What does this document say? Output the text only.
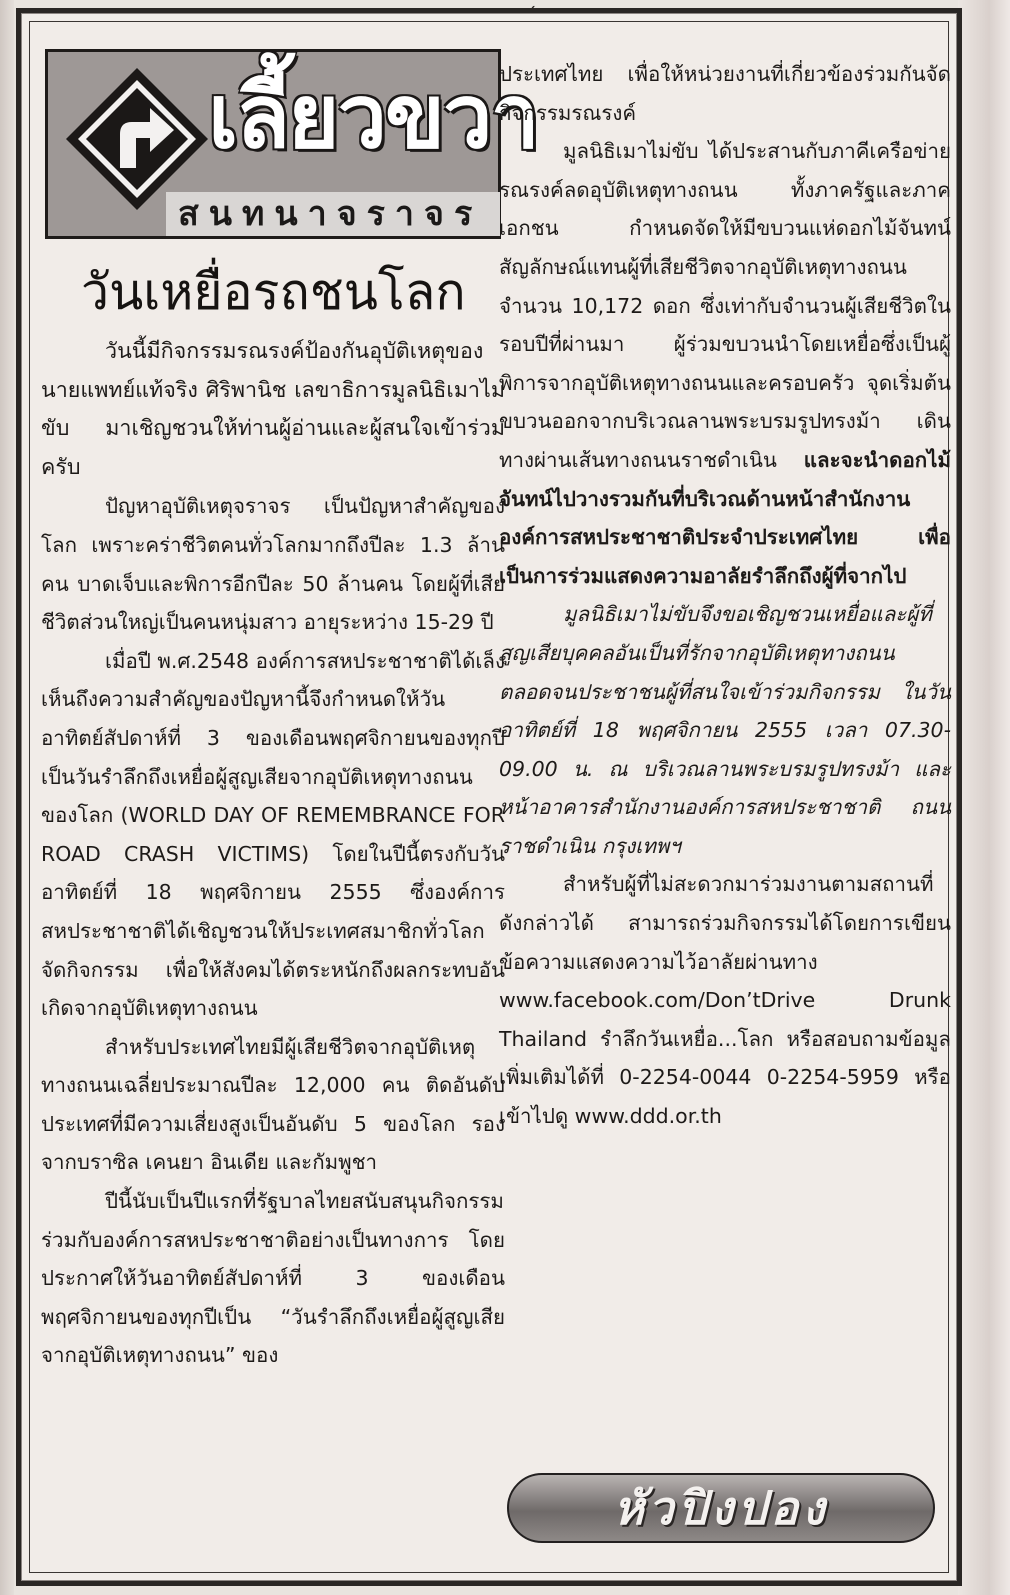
เลี้ยวขวา
สนทนาจราจร
วันเหยื่อรถชนโลก

วันนี้มีกิจกรรมรณรงค์ป้องกันอุบัติเหตุของนายแพทย์แท้จริง ศิริพานิช เลขาธิการมูลนิธิเมาไม่ขับ มาเชิญชวนให้ท่านผู้อ่านและผู้สนใจเข้าร่วมครับ

ปัญหาอุบัติเหตุจราจร เป็นปัญหาสำคัญของโลก เพราะคร่าชีวิตคนทั่วโลกมากถึงปีละ 1.3 ล้านคน บาดเจ็บและพิการอีกปีละ 50 ล้านคน โดยผู้ที่เสียชีวิตส่วนใหญ่เป็นคนหนุ่มสาว อายุระหว่าง 15-29 ปี

เมื่อปี พ.ศ.2548 องค์การสหประชาชาติได้เล็งเห็นถึงความสำคัญของปัญหานี้จึงกำหนดให้วันอาทิตย์สัปดาห์ที่ 3 ของเดือนพฤศจิกายนของทุกปี เป็นวันรำลึกถึงเหยื่อผู้สูญเสียจากอุบัติเหตุทางถนนของโลก (WORLD DAY OF REMEMBRANCE FOR ROAD CRASH VICTIMS) โดยในปีนี้ตรงกับวันอาทิตย์ที่ 18 พฤศจิกายน 2555 ซึ่งองค์การสหประชาชาติได้เชิญชวนให้ประเทศสมาชิกทั่วโลกจัดกิจกรรม เพื่อให้สังคมได้ตระหนักถึงผลกระทบอันเกิดจากอุบัติเหตุทางถนน

สำหรับประเทศไทยมีผู้เสียชีวิตจากอุบัติเหตุทางถนนเฉลี่ยประมาณปีละ 12,000 คน ติดอันดับประเทศที่มีความเสี่ยงสูงเป็นอันดับ 5 ของโลก รองจากบราซิล เคนยา อินเดีย และกัมพูชา

ปีนี้นับเป็นปีแรกที่รัฐบาลไทยสนับสนุนกิจกรรมร่วมกับองค์การสหประชาชาติอย่างเป็นทางการ โดยประกาศให้วันอาทิตย์สัปดาห์ที่ 3 ของเดือนพฤศจิกายนของทุกปีเป็น “วันรำลึกถึงเหยื่อผู้สูญเสียจากอุบัติเหตุทางถนน” ของ

ประเทศไทย เพื่อให้หน่วยงานที่เกี่ยวข้องร่วมกันจัดกิจกรรมรณรงค์

มูลนิธิเมาไม่ขับ ได้ประสานกับภาคีเครือข่ายรณรงค์ลดอุบัติเหตุทางถนน ทั้งภาครัฐและภาคเอกชน กำหนดจัดให้มีขบวนแห่ดอกไม้จันทน์สัญลักษณ์แทนผู้ที่เสียชีวิตจากอุบัติเหตุทางถนน จำนวน 10,172 ดอก ซึ่งเท่ากับจำนวนผู้เสียชีวิตในรอบปีที่ผ่านมา ผู้ร่วมขบวนนำโดยเหยื่อซึ่งเป็นผู้พิการจากอุบัติเหตุทางถนนและครอบครัว จุดเริ่มต้นขบวนออกจากบริเวณลานพระบรมรูปทรงม้า เดินทางผ่านเส้นทางถนนราชดำเนิน และจะนำดอกไม้จันทน์ไปวางรวมกันที่บริเวณด้านหน้าสำนักงานองค์การสหประชาชาติประจำประเทศไทย เพื่อเป็นการร่วมแสดงความอาลัยรำลึกถึงผู้ที่จากไป

มูลนิธิเมาไม่ขับจึงขอเชิญชวนเหยื่อและผู้ที่สูญเสียบุคคลอันเป็นที่รักจากอุบัติเหตุทางถนน ตลอดจนประชาชนผู้ที่สนใจเข้าร่วมกิจกรรม ในวันอาทิตย์ที่ 18 พฤศจิกายน 2555 เวลา 07.30-09.00 น. ณ บริเวณลานพระบรมรูปทรงม้า และหน้าอาคารสำนักงานองค์การสหประชาชาติ ถนนราชดำเนิน กรุงเทพฯ

สำหรับผู้ที่ไม่สะดวกมาร่วมงานตามสถานที่ดังกล่าวได้ สามารถร่วมกิจกรรมได้โดยการเขียนข้อความแสดงความไว้อาลัยผ่านทาง www.facebook.com/Don’tDrive Drunk Thailand รำลึกวันเหยื่อ...โลก หรือสอบถามข้อมูลเพิ่มเติมได้ที่ 0-2254-0044 0-2254-5959 หรือเข้าไปดู www.ddd.or.th

หัวปิงปอง
